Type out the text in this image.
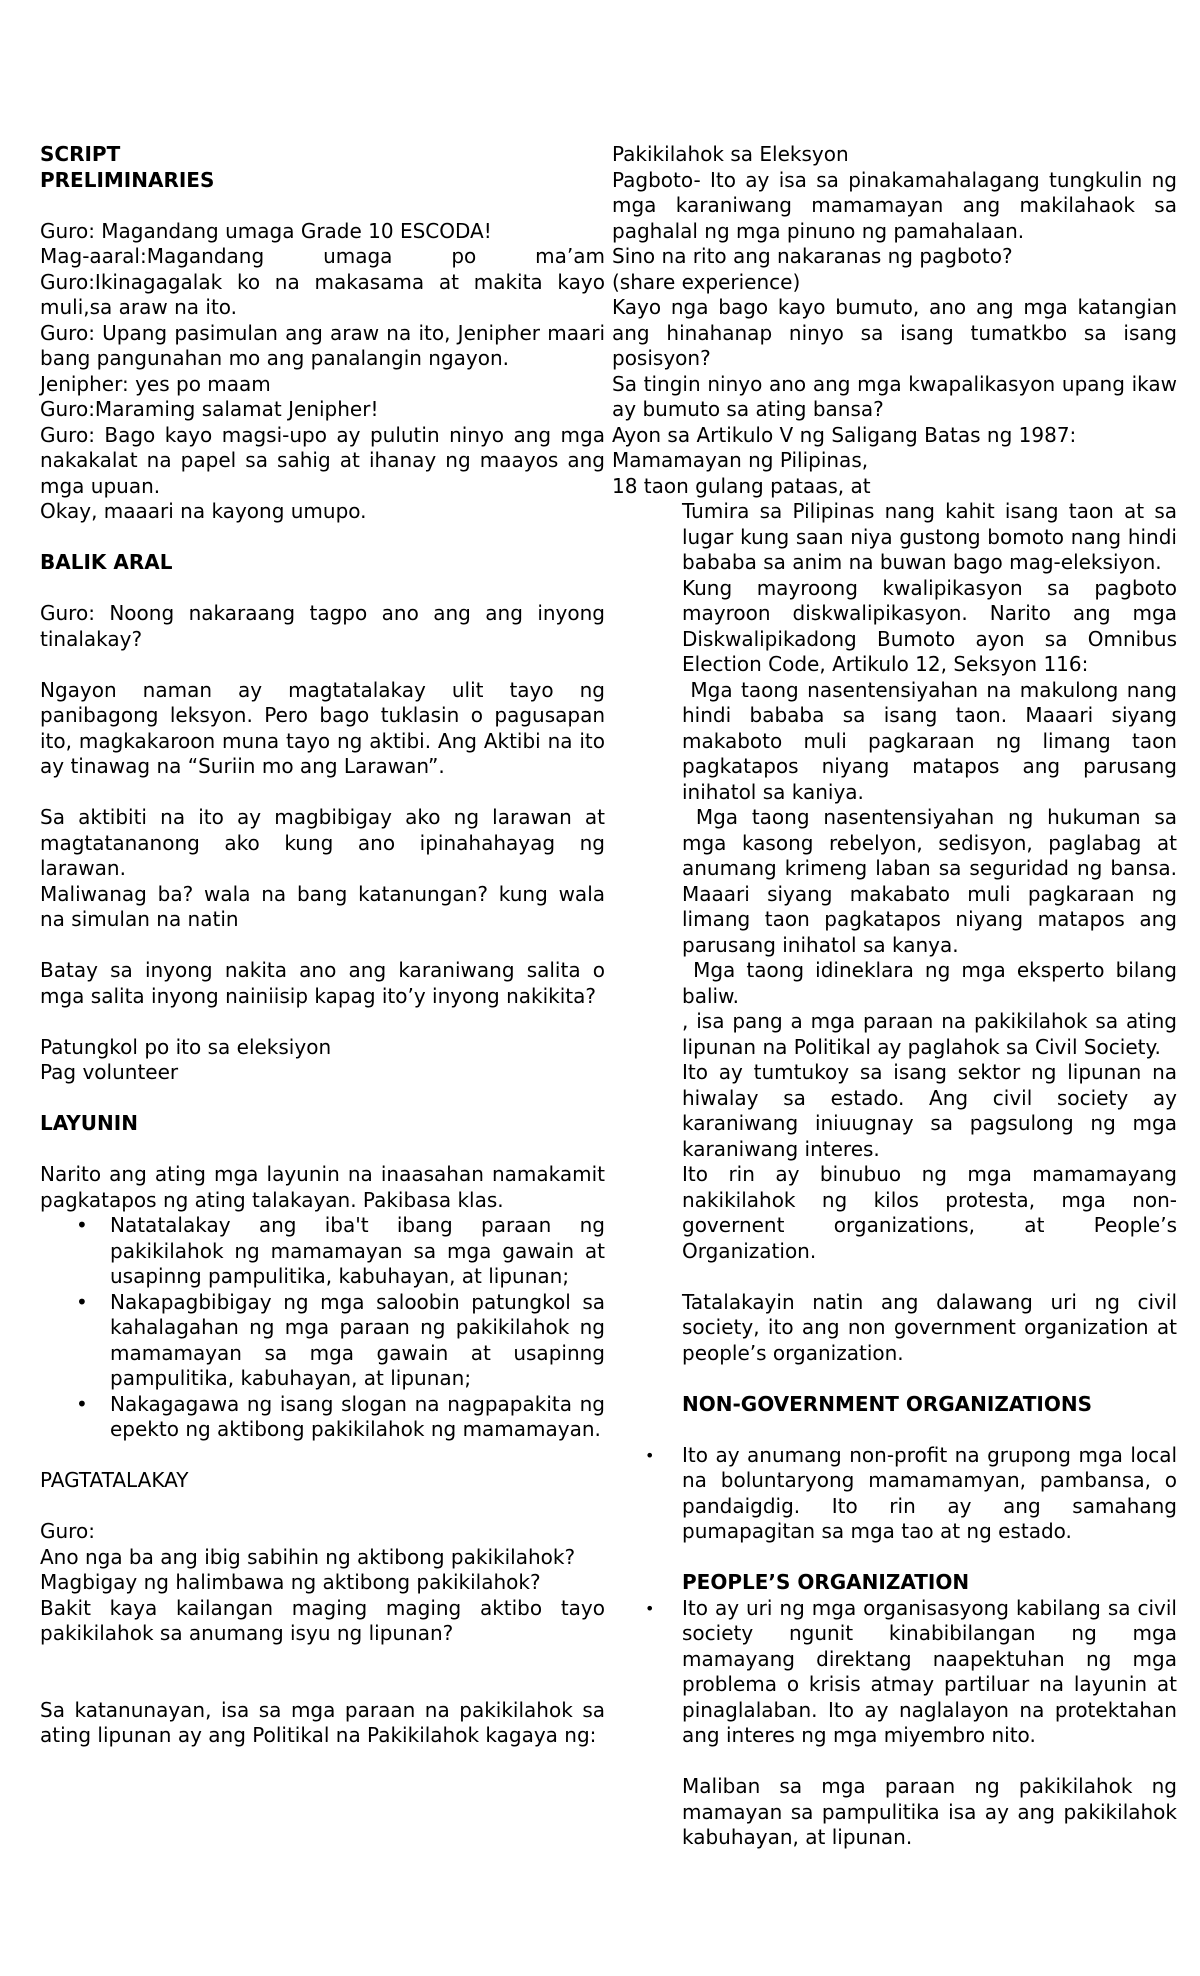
SCRIPT

PRELIMINARIES

Guro: Magandang umaga Grade 10 ESCODA!

Mag-aaral:Magandang umaga po ma’am

Guro:Ikinagagalak ko na makasama at makita kayo muli,sa araw na ito.

Guro: Upang pasimulan ang araw na ito, Jenipher maari bang pangunahan mo ang panalangin ngayon.

Jenipher: yes po maam

Guro:Maraming salamat Jenipher!

Guro: Bago kayo magsi-upo ay pulutin ninyo ang mga nakakalat na papel sa sahig at ihanay ng maayos ang mga upuan.

Okay, maaari na kayong umupo.

BALIK ARAL

Guro: Noong nakaraang tagpo ano ang ang inyong tinalakay?

Ngayon naman ay magtatalakay ulit tayo ng panibagong leksyon. Pero bago tuklasin o pagusapan ito, magkakaroon muna tayo ng aktibi. Ang Aktibi na ito ay tinawag na “Suriin mo ang Larawan”.

Sa aktibiti na ito ay magbibigay ako ng larawan at magtatananong ako kung ano ipinahahayag ng larawan.

Maliwanag ba? wala na bang katanungan? kung wala na simulan na natin

Batay sa inyong nakita ano ang karaniwang salita o mga salita inyong nainiisip kapag ito’y inyong nakikita?

Patungkol po ito sa eleksiyon

Pag volunteer

LAYUNIN

Narito ang ating mga layunin na inaasahan namakamit pagkatapos ng ating talakayan. Pakibasa klas.

• Natatalakay ang iba't ibang paraan ng pakikilahok ng mamamayan sa mga gawain at usapinng pampulitika, kabuhayan, at lipunan;
• Nakapagbibigay ng mga saloobin patungkol sa kahalagahan ng mga paraan ng pakikilahok ng mamamayan sa mga gawain at usapinng pampulitika, kabuhayan, at lipunan;
• Nakagagawa ng isang slogan na nagpapakita ng epekto ng aktibong pakikilahok ng mamamayan.

PAGTATALAKAY

Guro:

Ano nga ba ang ibig sabihin ng aktibong pakikilahok?

Magbigay ng halimbawa ng aktibong pakikilahok?

Bakit kaya kailangan maging maging aktibo tayo pakikilahok sa anumang isyu ng lipunan?

Sa katanunayan, isa sa mga paraan na pakikilahok sa ating lipunan ay ang Politikal na Pakikilahok kagaya ng:

Pakikilahok sa Eleksyon

Pagboto- Ito ay isa sa pinakamahalagang tungkulin ng mga karaniwang mamamayan ang makilahaok sa paghalal ng mga pinuno ng pamahalaan.

Sino na rito ang nakaranas ng pagboto?

(share experience)

Kayo nga bago kayo bumuto, ano ang mga katangian ang hinahanap ninyo sa isang tumatkbo sa isang posisyon?

Sa tingin ninyo ano ang mga kwapalikasyon upang ikaw ay bumuto sa ating bansa?

Ayon sa Artikulo V ng Saligang Batas ng 1987:

Mamamayan ng Pilipinas,

18 taon gulang pataas, at

Tumira sa Pilipinas nang kahit isang taon at sa lugar kung saan niya gustong bomoto nang hindi bababa sa anim na buwan bago mag-eleksiyon.

Kung mayroong kwalipikasyon sa pagboto mayroon diskwalipikasyon. Narito ang mga Diskwalipikadong Bumoto ayon sa Omnibus Election Code, Artikulo 12, Seksyon 116:

Mga taong nasentensiyahan na makulong nang hindi bababa sa isang taon. Maaari siyang makaboto muli pagkaraan ng limang taon pagkatapos niyang matapos ang parusang inihatol sa kaniya.

Mga taong nasentensiyahan ng hukuman sa mga kasong rebelyon, sedisyon, paglabag at anumang krimeng laban sa seguridad ng bansa. Maaari siyang makabato muli pagkaraan ng limang taon pagkatapos niyang matapos ang parusang inihatol sa kanya.

Mga taong idineklara ng mga eksperto bilang baliw.

, isa pang a mga paraan na pakikilahok sa ating lipunan na Politikal ay paglahok sa Civil Society.

Ito ay tumtukoy sa isang sektor ng lipunan na hiwalay sa estado. Ang civil society ay karaniwang iniuugnay sa pagsulong ng mga karaniwang interes.

Ito rin ay binubuo ng mga mamamayang nakikilahok ng kilos protesta, mga non-governent organizations, at People’s Organization.

Tatalakayin natin ang dalawang uri ng civil society, ito ang non government organization at people’s organization.

NON-GOVERNMENT ORGANIZATIONS

• Ito ay anumang non-profit na grupong mga local na boluntaryong mamamamyan, pambansa, o pandaigdig. Ito rin ay ang samahang pumapagitan sa mga tao at ng estado.

PEOPLE’S ORGANIZATION

• Ito ay uri ng mga organisasyong kabilang sa civil society ngunit kinabibilangan ng mga mamayang direktang naapektuhan ng mga problema o krisis atmay partiluar na layunin at pinaglalaban. Ito ay naglalayon na protektahan ang interes ng mga miyembro nito.

Maliban sa mga paraan ng pakikilahok ng mamayan sa pampulitika isa ay ang pakikilahok kabuhayan, at lipunan.
